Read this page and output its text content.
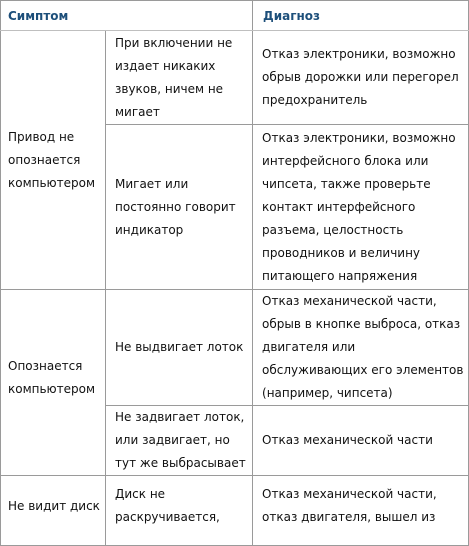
Симптом		Диагноз

Привод не опознается компьютером	При включении не издает никаких звуков, ничем не мигает	Отказ электроники, возможно обрыв дорожки или перегорел предохранитель

	Мигает или постоянно говорит индикатор	Отказ электроники, возможно интерфейсного блока или чипсета, также проверьте контакт интерфейсного разъема, целостность проводников и величину питающего напряжения

Опознается компьютером	Не выдвигает лоток	Отказ механической части, обрыв в кнопке выброса, отказ двигателя или обслуживающих его элементов (например, чипсета)

	Не задвигает лоток, или задвигает, но тут же выбрасывает	Отказ механической части

Не видит диск	Диск не раскручивается,	Отказ механической части, отказ двигателя, вышел из
